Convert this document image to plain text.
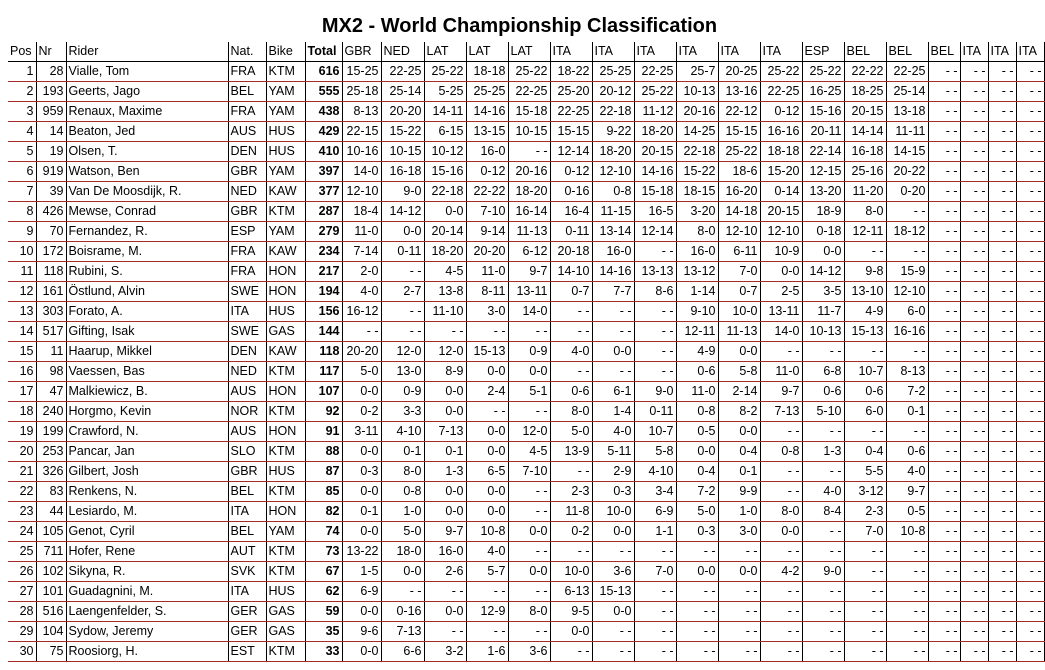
MX2 - World Championship Classification
Pos	Nr	Rider	Nat.	Bike	Total	GBR	NED	LAT	LAT	LAT	ITA	ITA	ITA	ITA	ITA	ITA	ESP	BEL	BEL	BEL	ITA	ITA	ITA
1	28	Vialle, Tom	FRA	KTM	616	15-25	22-25	25-22	18-18	25-22	18-22	25-25	22-25	25-7	20-25	25-22	25-22	22-22	22-25	- -	- -	- -	- -
2	193	Geerts, Jago	BEL	YAM	555	25-18	25-14	5-25	25-25	22-25	25-20	20-12	25-22	10-13	13-16	22-25	16-25	18-25	25-14	- -	- -	- -	- -
3	959	Renaux, Maxime	FRA	YAM	438	8-13	20-20	14-11	14-16	15-18	22-25	22-18	11-12	20-16	22-12	0-12	15-16	20-15	13-18	- -	- -	- -	- -
4	14	Beaton, Jed	AUS	HUS	429	22-15	15-22	6-15	13-15	10-15	15-15	9-22	18-20	14-25	15-15	16-16	20-11	14-14	11-11	- -	- -	- -	- -
5	19	Olsen, T.	DEN	HUS	410	10-16	10-15	10-12	16-0	- -	12-14	18-20	20-15	22-18	25-22	18-18	22-14	16-18	14-15	- -	- -	- -	- -
6	919	Watson, Ben	GBR	YAM	397	14-0	16-18	15-16	0-12	20-16	0-12	12-10	14-16	15-22	18-6	15-20	12-15	25-16	20-22	- -	- -	- -	- -
7	39	Van De Moosdijk, R.	NED	KAW	377	12-10	9-0	22-18	22-22	18-20	0-16	0-8	15-18	18-15	16-20	0-14	13-20	11-20	0-20	- -	- -	- -	- -
8	426	Mewse, Conrad	GBR	KTM	287	18-4	14-12	0-0	7-10	16-14	16-4	11-15	16-5	3-20	14-18	20-15	18-9	8-0	- -	- -	- -	- -	- -
9	70	Fernandez, R.	ESP	YAM	279	11-0	0-0	20-14	9-14	11-13	0-11	13-14	12-14	8-0	12-10	12-10	0-18	12-11	18-12	- -	- -	- -	- -
10	172	Boisrame, M.	FRA	KAW	234	7-14	0-11	18-20	20-20	6-12	20-18	16-0	- -	16-0	6-11	10-9	0-0	- -	- -	- -	- -	- -	- -
11	118	Rubini, S.	FRA	HON	217	2-0	- -	4-5	11-0	9-7	14-10	14-16	13-13	13-12	7-0	0-0	14-12	9-8	15-9	- -	- -	- -	- -
12	161	Östlund, Alvin	SWE	HON	194	4-0	2-7	13-8	8-11	13-11	0-7	7-7	8-6	1-14	0-7	2-5	3-5	13-10	12-10	- -	- -	- -	- -
13	303	Forato, A.	ITA	HUS	156	16-12	- -	11-10	3-0	14-0	- -	- -	- -	9-10	10-0	13-11	11-7	4-9	6-0	- -	- -	- -	- -
14	517	Gifting, Isak	SWE	GAS	144	- -	- -	- -	- -	- -	- -	- -	- -	12-11	11-13	14-0	10-13	15-13	16-16	- -	- -	- -	- -
15	11	Haarup, Mikkel	DEN	KAW	118	20-20	12-0	12-0	15-13	0-9	4-0	0-0	- -	4-9	0-0	- -	- -	- -	- -	- -	- -	- -	- -
16	98	Vaessen, Bas	NED	KTM	117	5-0	13-0	8-9	0-0	0-0	- -	- -	- -	0-6	5-8	11-0	6-8	10-7	8-13	- -	- -	- -	- -
17	47	Malkiewicz, B.	AUS	HON	107	0-0	0-9	0-0	2-4	5-1	0-6	6-1	9-0	11-0	2-14	9-7	0-6	0-6	7-2	- -	- -	- -	- -
18	240	Horgmo, Kevin	NOR	KTM	92	0-2	3-3	0-0	- -	- -	8-0	1-4	0-11	0-8	8-2	7-13	5-10	6-0	0-1	- -	- -	- -	- -
19	199	Crawford, N.	AUS	HON	91	3-11	4-10	7-13	0-0	12-0	5-0	4-0	10-7	0-5	0-0	- -	- -	- -	- -	- -	- -	- -	- -
20	253	Pancar, Jan	SLO	KTM	88	0-0	0-1	0-1	0-0	4-5	13-9	5-11	5-8	0-0	0-4	0-8	1-3	0-4	0-6	- -	- -	- -	- -
21	326	Gilbert, Josh	GBR	HUS	87	0-3	8-0	1-3	6-5	7-10	- -	2-9	4-10	0-4	0-1	- -	- -	5-5	4-0	- -	- -	- -	- -
22	83	Renkens, N.	BEL	KTM	85	0-0	0-8	0-0	0-0	- -	2-3	0-3	3-4	7-2	9-9	- -	4-0	3-12	9-7	- -	- -	- -	- -
23	44	Lesiardo, M.	ITA	HON	82	0-1	1-0	0-0	0-0	- -	11-8	10-0	6-9	5-0	1-0	8-0	8-4	2-3	0-5	- -	- -	- -	- -
24	105	Genot, Cyril	BEL	YAM	74	0-0	5-0	9-7	10-8	0-0	0-2	0-0	1-1	0-3	3-0	0-0	- -	7-0	10-8	- -	- -	- -	- -
25	711	Hofer, Rene	AUT	KTM	73	13-22	18-0	16-0	4-0	- -	- -	- -	- -	- -	- -	- -	- -	- -	- -	- -	- -	- -	- -
26	102	Sikyna, R.	SVK	KTM	67	1-5	0-0	2-6	5-7	0-0	10-0	3-6	7-0	0-0	0-0	4-2	9-0	- -	- -	- -	- -	- -	- -
27	101	Guadagnini, M.	ITA	HUS	62	6-9	- -	- -	- -	- -	6-13	15-13	- -	- -	- -	- -	- -	- -	- -	- -	- -	- -	- -
28	516	Laengenfelder, S.	GER	GAS	59	0-0	0-16	0-0	12-9	8-0	9-5	0-0	- -	- -	- -	- -	- -	- -	- -	- -	- -	- -	- -
29	104	Sydow, Jeremy	GER	GAS	35	9-6	7-13	- -	- -	- -	0-0	- -	- -	- -	- -	- -	- -	- -	- -	- -	- -	- -	- -
30	75	Roosiorg, H.	EST	KTM	33	0-0	6-6	3-2	1-6	3-6	- -	- -	- -	- -	- -	- -	- -	- -	- -	- -	- -	- -	- -
